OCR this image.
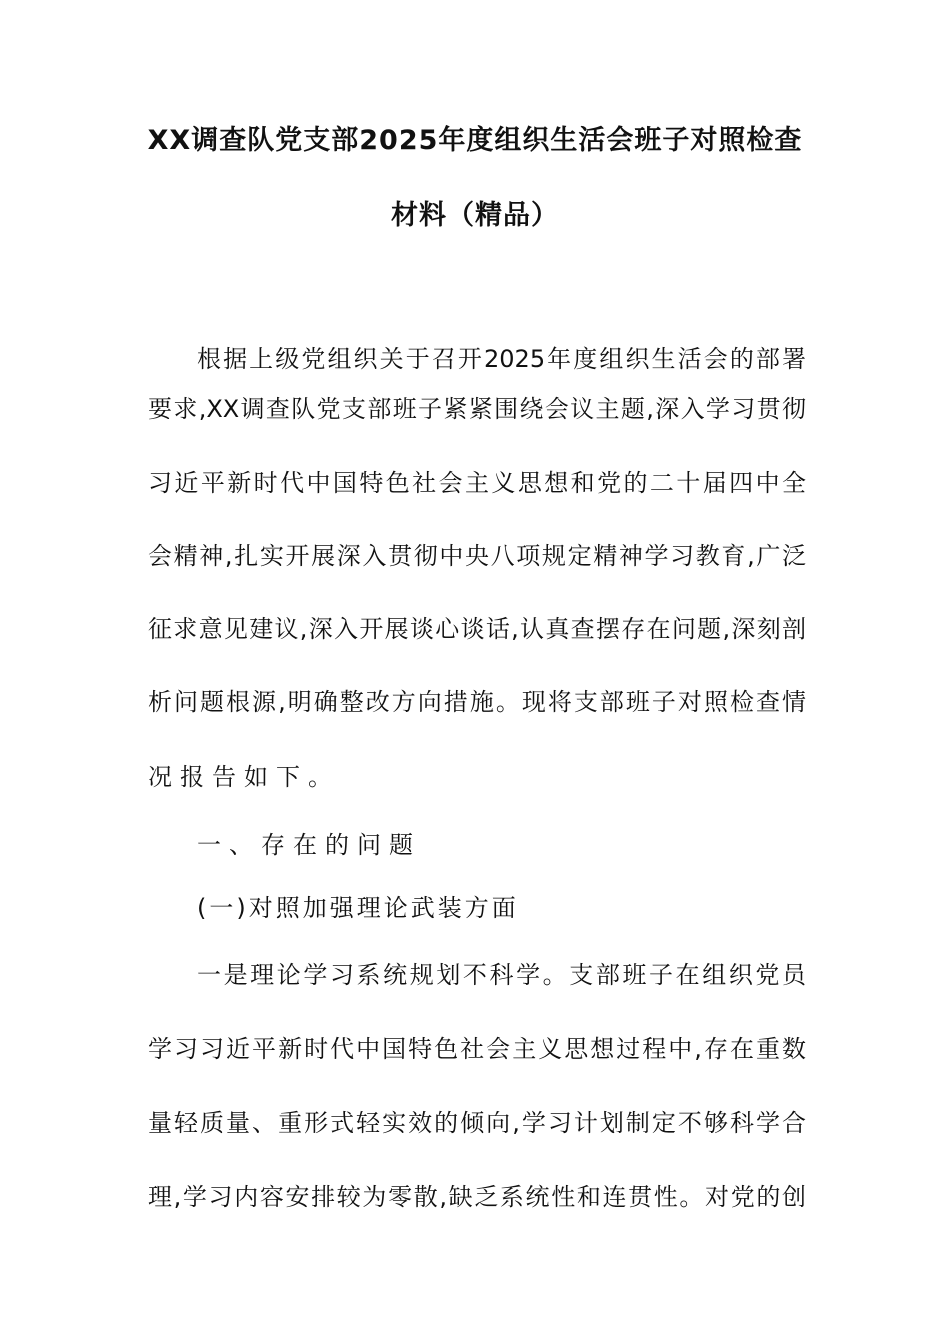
XX调查队党支部2025年度组织生活会班子对照检查
材料（精品）
根据上级党组织关于召开2025年度组织生活会的部署
要求,XX调查队党支部班子紧紧围绕会议主题,深入学习贯彻
习近平新时代中国特色社会主义思想和党的二十届四中全
会精神,扎实开展深入贯彻中央八项规定精神学习教育,广泛
征求意见建议,深入开展谈心谈话,认真查摆存在问题,深刻剖
析问题根源,明确整改方向措施。现将支部班子对照检查情
况报告如下。
一、存在的问题
(一)对照加强理论武装方面
一是理论学习系统规划不科学。支部班子在组织党员
学习习近平新时代中国特色社会主义思想过程中,存在重数
量轻质量、重形式轻实效的倾向,学习计划制定不够科学合
理,学习内容安排较为零散,缺乏系统性和连贯性。对党的创
